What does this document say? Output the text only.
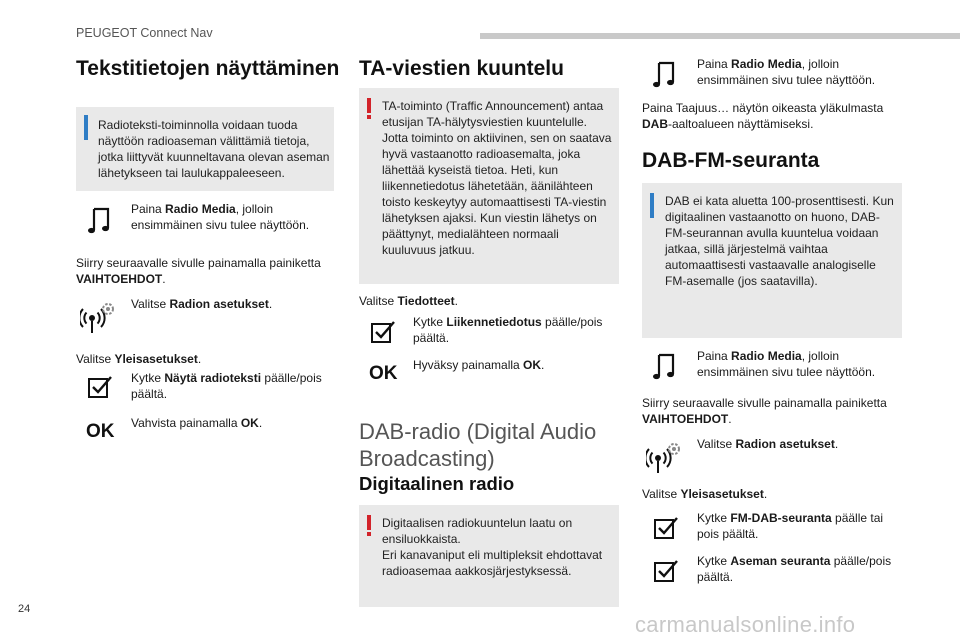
PEUGEOT Connect Nav
Tekstitietojen näyttäminen
Radioteksti-toiminnolla voidaan tuoda näyttöön radioaseman välittämiä tietoja, jotka liittyvät kuunneltavana olevan aseman lähetykseen tai laulukappaleeseen.
Paina Radio Media, jolloin ensimmäinen sivu tulee näyttöön.
Siirry seuraavalle sivulle painamalla painiketta VAIHTOEHDOT.
Valitse Radion asetukset.
Valitse Yleisasetukset.
Kytke Näytä radioteksti päälle/pois päältä.
OK Vahvista painamalla OK.
TA-viestien kuuntelu
TA-toiminto (Traffic Announcement) antaa etusijan TA-hälytysviestien kuuntelulle. Jotta toiminto on aktiivinen, sen on saatava hyvä vastaanotto radioasemalta, joka lähettää kyseistä tietoa. Heti, kun liikennetiedotus lähetetään, äänilähteen toisto keskeytyy automaattisesti TA-viestin lähetyksen ajaksi. Kun viestin lähetys on päättynyt, medialähteen normaali kuuluvuus jatkuu.
Valitse Tiedotteet.
Kytke Liikennetiedotus päälle/pois päältä.
OK Hyväksy painamalla OK.
DAB-radio (Digital Audio
Broadcasting)
Digitaalinen radio
Digitaalisen radiokuuntelun laatu on ensiluokkaista.
Eri kanavaniput eli multipleksit ehdottavat radioasemaa aakkosjärjestyksessä.
Paina Radio Media, jolloin ensimmäinen sivu tulee näyttöön.
Paina Taajuus… näytön oikeasta yläkulmasta DAB-aaltoalueen näyttämiseksi.
DAB-FM-seuranta
DAB ei kata aluetta 100-prosenttisesti. Kun digitaalinen vastaanotto on huono, DAB-FM-seurannan avulla kuuntelua voidaan jatkaa, sillä järjestelmä vaihtaa automaattisesti vastaavalle analogiselle FM-asemalle (jos saatavilla).
Paina Radio Media, jolloin ensimmäinen sivu tulee näyttöön.
Siirry seuraavalle sivulle painamalla painiketta VAIHTOEHDOT.
Valitse Radion asetukset.
Valitse Yleisasetukset.
Kytke FM-DAB-seuranta päälle tai pois päältä.
Kytke Aseman seuranta päälle/pois päältä.
24
carmanualsonline.info
